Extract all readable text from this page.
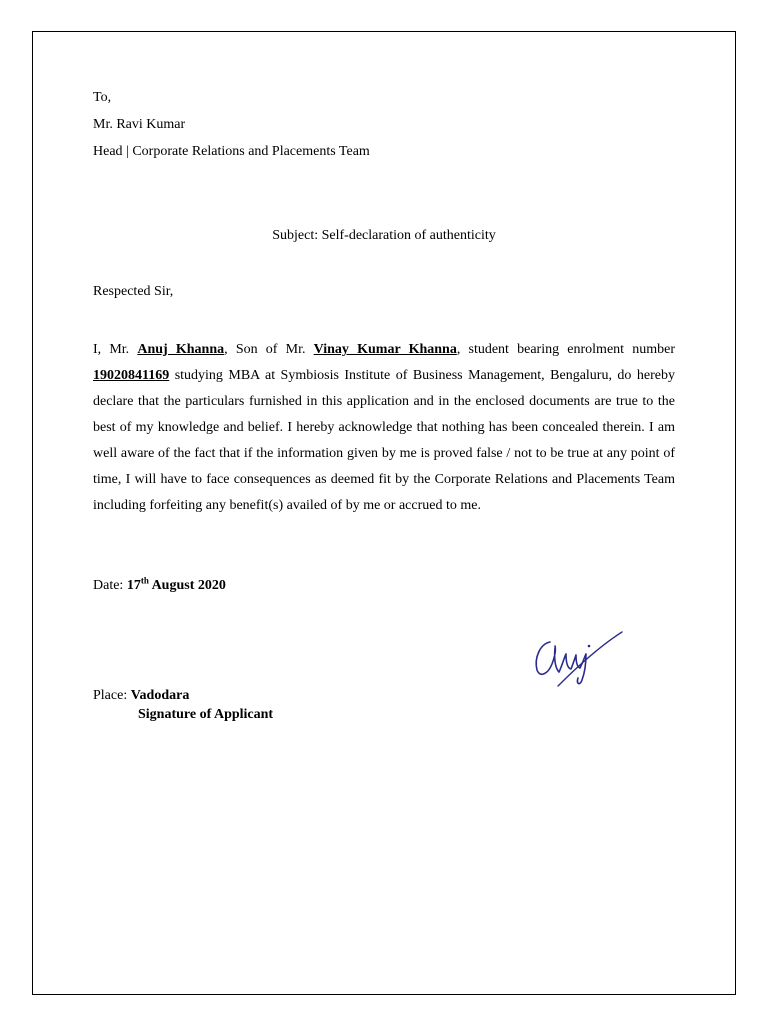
To,
Mr. Ravi Kumar
Head | Corporate Relations and Placements Team
Subject: Self-declaration of authenticity
Respected Sir,
I, Mr. Anuj Khanna, Son of Mr. Vinay Kumar Khanna, student bearing enrolment number 19020841169 studying MBA at Symbiosis Institute of Business Management, Bengaluru, do hereby declare that the particulars furnished in this application and in the enclosed documents are true to the best of my knowledge and belief. I hereby acknowledge that nothing has been concealed therein. I am well aware of the fact that if the information given by me is proved false / not to be true at any point of time, I will have to face consequences as deemed fit by the Corporate Relations and Placements Team including forfeiting any benefit(s) availed of by me or accrued to me.
Date: 17th August 2020
Place: Vadodara
Signature of Applicant
